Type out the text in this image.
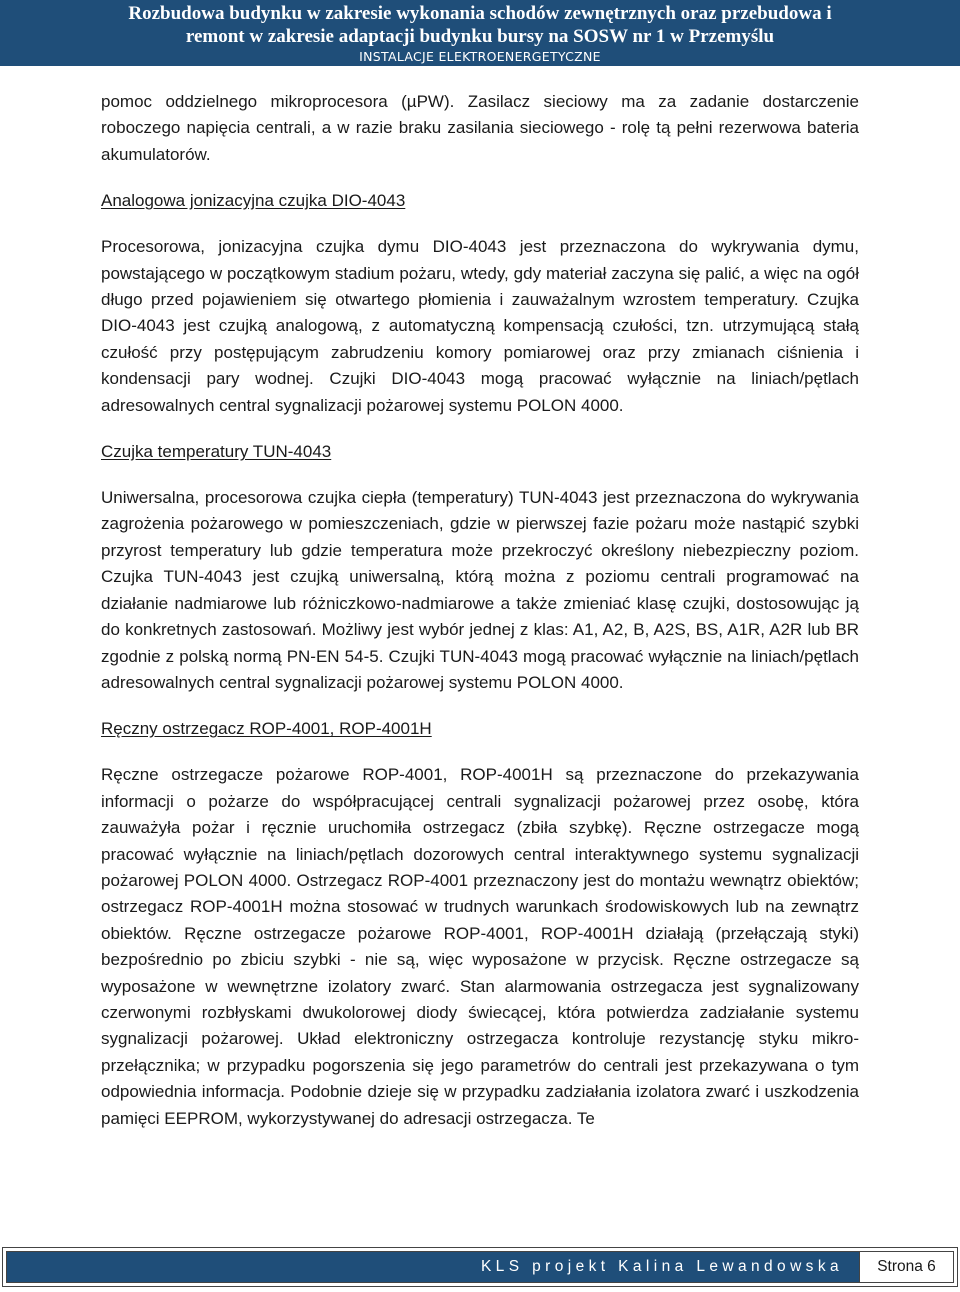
Rozbudowa budynku w zakresie wykonania schodów zewnętrznych oraz przebudowa i

remont w zakresie adaptacji budynku bursy na SOSW nr 1 w Przemyślu

INSTALACJE ELEKTROENERGETYCZNE

pomoc oddzielnego mikroprocesora (µPW). Zasilacz sieciowy ma za zadanie dostarczenie roboczego napięcia centrali, a w razie braku zasilania sieciowego - rolę tą pełni rezerwowa bateria akumulatorów.

Analogowa jonizacyjna czujka DIO-4043

Procesorowa, jonizacyjna czujka dymu DIO-4043 jest przeznaczona do wykrywania dymu, powstającego w początkowym stadium pożaru, wtedy, gdy materiał zaczyna się palić, a więc na ogół długo przed pojawieniem się otwartego płomienia i zauważalnym wzrostem temperatury. Czujka DIO-4043 jest czujką analogową, z automatyczną kompensacją czułości, tzn. utrzymującą stałą czułość przy postępującym zabrudzeniu komory pomiarowej oraz przy zmianach ciśnienia i kondensacji pary wodnej. Czujki DIO-4043 mogą pracować wyłącznie na liniach/pętlach adresowalnych central sygnalizacji pożarowej systemu POLON 4000.

Czujka temperatury TUN-4043

Uniwersalna, procesorowa czujka ciepła (temperatury) TUN-4043 jest przeznaczona do wykrywania zagrożenia pożarowego w pomieszczeniach, gdzie w pierwszej fazie pożaru może nastąpić szybki przyrost temperatury lub gdzie temperatura może przekroczyć określony niebezpieczny poziom. Czujka TUN-4043 jest czujką uniwersalną, którą można z poziomu centrali programować na działanie nadmiarowe lub różniczkowo-nadmiarowe a także zmieniać klasę czujki, dostosowując ją do konkretnych zastosowań. Możliwy jest wybór jednej z klas: A1, A2, B, A2S, BS, A1R, A2R lub BR zgodnie z polską normą PN-EN 54-5. Czujki TUN-4043 mogą pracować wyłącznie na liniach/pętlach adresowalnych central sygnalizacji pożarowej systemu POLON 4000.

Ręczny ostrzegacz ROP-4001, ROP-4001H

Ręczne ostrzegacze pożarowe ROP-4001, ROP-4001H są przeznaczone do przekazywania informacji o pożarze do współpracującej centrali sygnalizacji pożarowej przez osobę, która zauważyła pożar i ręcznie uruchomiła ostrzegacz (zbiła szybkę). Ręczne ostrzegacze mogą pracować wyłącznie na liniach/pętlach dozorowych central interaktywnego systemu sygnalizacji pożarowej POLON 4000. Ostrzegacz ROP-4001 przeznaczony jest do montażu wewnątrz obiektów; ostrzegacz ROP-4001H można stosować w trudnych warunkach środowiskowych lub na zewnątrz obiektów. Ręczne ostrzegacze pożarowe ROP-4001, ROP-4001H działają (przełączają styki) bezpośrednio po zbiciu szybki - nie są, więc wyposażone w przycisk. Ręczne ostrzegacze są wyposażone w wewnętrzne izolatory zwarć. Stan alarmowania ostrzegacza jest sygnalizowany czerwonymi rozbłyskami dwukolorowej diody świecącej, która potwierdza zadziałanie systemu sygnalizacji pożarowej. Układ elektroniczny ostrzegacza kontroluje rezystancję styku mikro-przełącznika; w przypadku pogorszenia się jego parametrów do centrali jest przekazywana o tym odpowiednia informacja. Podobnie dzieje się w przypadku zadziałania izolatora zwarć i uszkodzenia pamięci EEPROM, wykorzystywanej do adresacji ostrzegacza. Te

KLS projekt Kalina Lewandowska	Strona 6
